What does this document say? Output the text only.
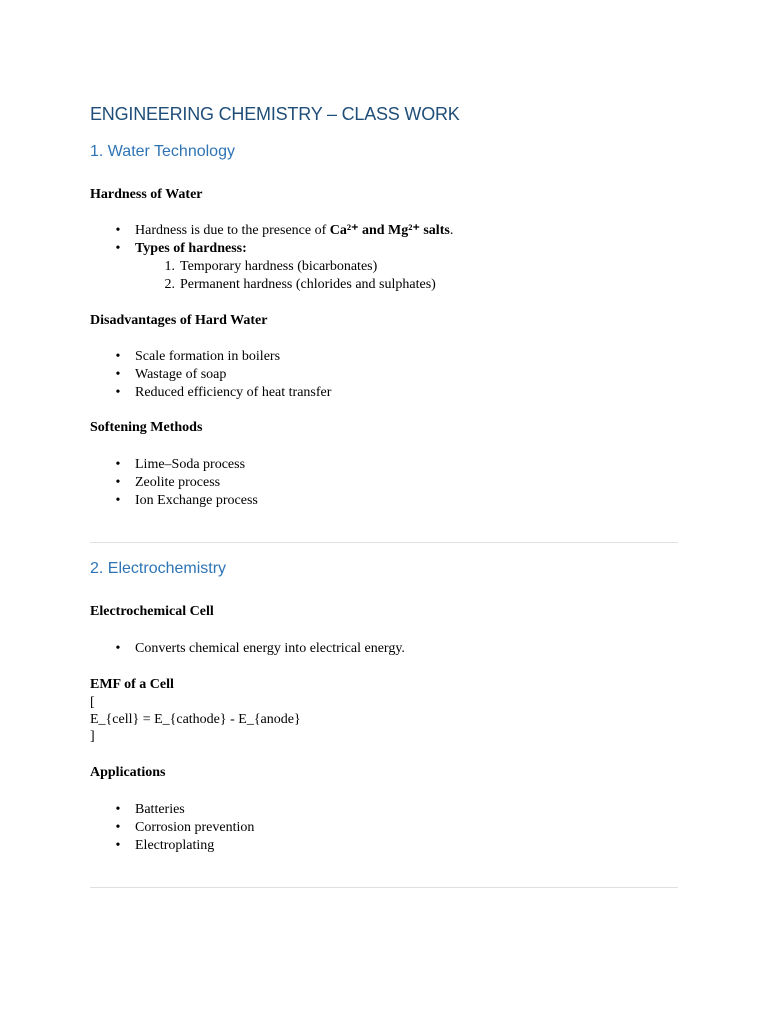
ENGINEERING CHEMISTRY – CLASS WORK
1. Water Technology
Hardness of Water
• Hardness is due to the presence of Ca²⁺ and Mg²⁺ salts.
• Types of hardness:
1. Temporary hardness (bicarbonates)
2. Permanent hardness (chlorides and sulphates)
Disadvantages of Hard Water
• Scale formation in boilers
• Wastage of soap
• Reduced efficiency of heat transfer
Softening Methods
• Lime–Soda process
• Zeolite process
• Ion Exchange process
2. Electrochemistry
Electrochemical Cell
• Converts chemical energy into electrical energy.
EMF of a Cell
[
E_{cell} = E_{cathode} - E_{anode}
]
Applications
• Batteries
• Corrosion prevention
• Electroplating
